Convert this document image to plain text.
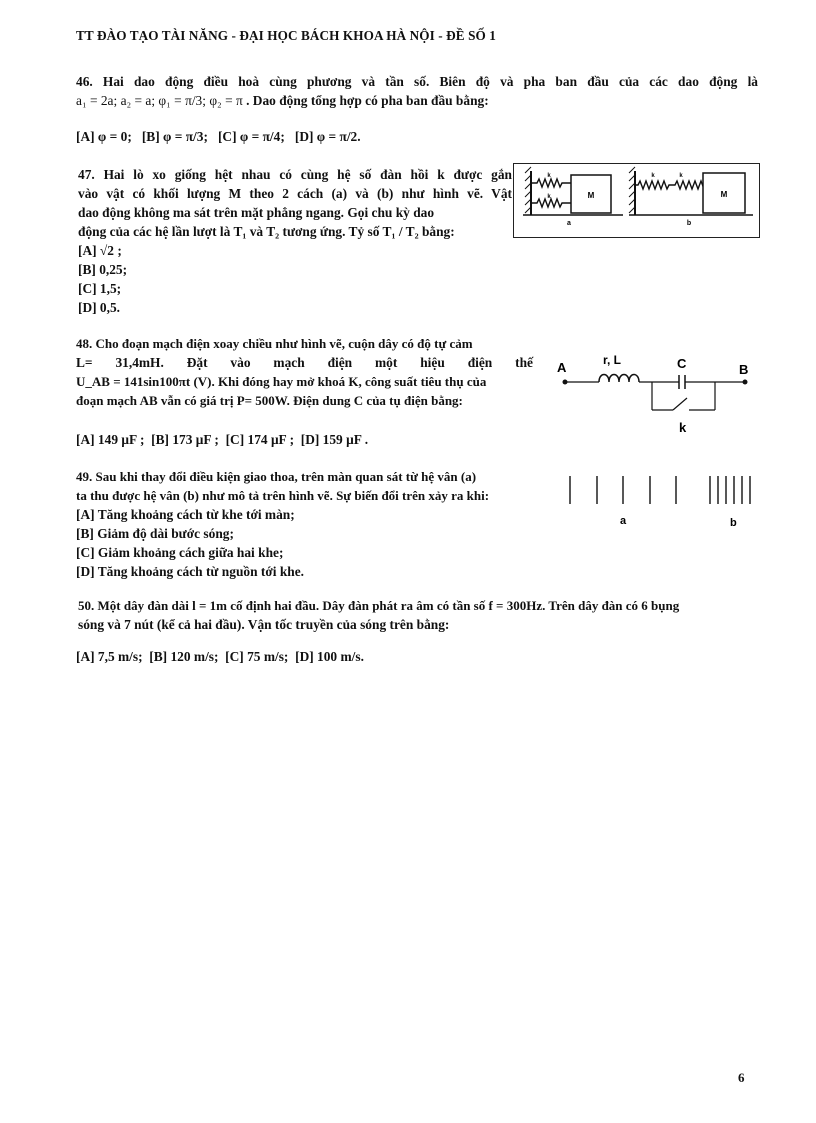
TT ĐÀO TẠO TÀI NĂNG - ĐẠI HỌC BÁCH KHOA HÀ NỘI - ĐỀ SỐ 1
46. Hai dao động điều hoà cùng phương và tần số. Biên độ và pha ban đầu của các dao động là
a₁ = 2a; a₂ = a; φ₁ = π/3; φ₂ = π . Dao động tổng hợp có pha ban đầu bằng:
[A] φ = 0; [B] φ = π/3; [C] φ = π/4; [D] φ = π/2.
47. Hai lò xo giống hệt nhau có cùng hệ số đàn hồi k được gắn
vào vật có khối lượng M theo 2 cách (a) và (b) như hình vẽ. Vật
dao động không ma sát trên mặt phẳng ngang. Gọi chu kỳ dao
động của các hệ lần lượt là T₁ và T₂ tương ứng. Tỷ số T₁ / T₂ bằng:
[A] √2 ;
[B] 0,25;
[C] 1,5;
[D] 0,5.
M
k
k
a
M
k	k
b
48. Cho đoạn mạch điện xoay chiều như hình vẽ, cuộn dây có độ tự cảm
L= 31,4mH. Đặt vào mạch điện một hiệu điện thế
U_AB = 141sin100πt (V). Khi đóng hay mở khoá K, công suất tiêu thụ của
đoạn mạch AB vẫn có giá trị P= 500W. Điện dung C của tụ điện bằng:
[A] 149 μF ; [B] 173 μF ; [C] 174 μF ; [D] 159 μF .
A	r, L	C
k
B
49. Sau khi thay đổi điều kiện giao thoa, trên màn quan sát từ hệ vân (a)
ta thu được hệ vân (b) như mô tả trên hình vẽ. Sự biến đổi trên xảy ra khi:
[A] Tăng khoảng cách từ khe tới màn;
[B] Giảm độ dài bước sóng;
[C] Giảm khoảng cách giữa hai khe;
[D] Tăng khoảng cách từ nguồn tới khe.
a	b
50. Một dây đàn dài l = 1m cố định hai đầu. Dây đàn phát ra âm có tần số f = 300Hz. Trên dây đàn có 6 bụng
sóng và 7 nút (kể cả hai đầu). Vận tốc truyền của sóng trên bằng:
[A] 7,5 m/s; [B] 120 m/s; [C] 75 m/s; [D] 100 m/s.
6
